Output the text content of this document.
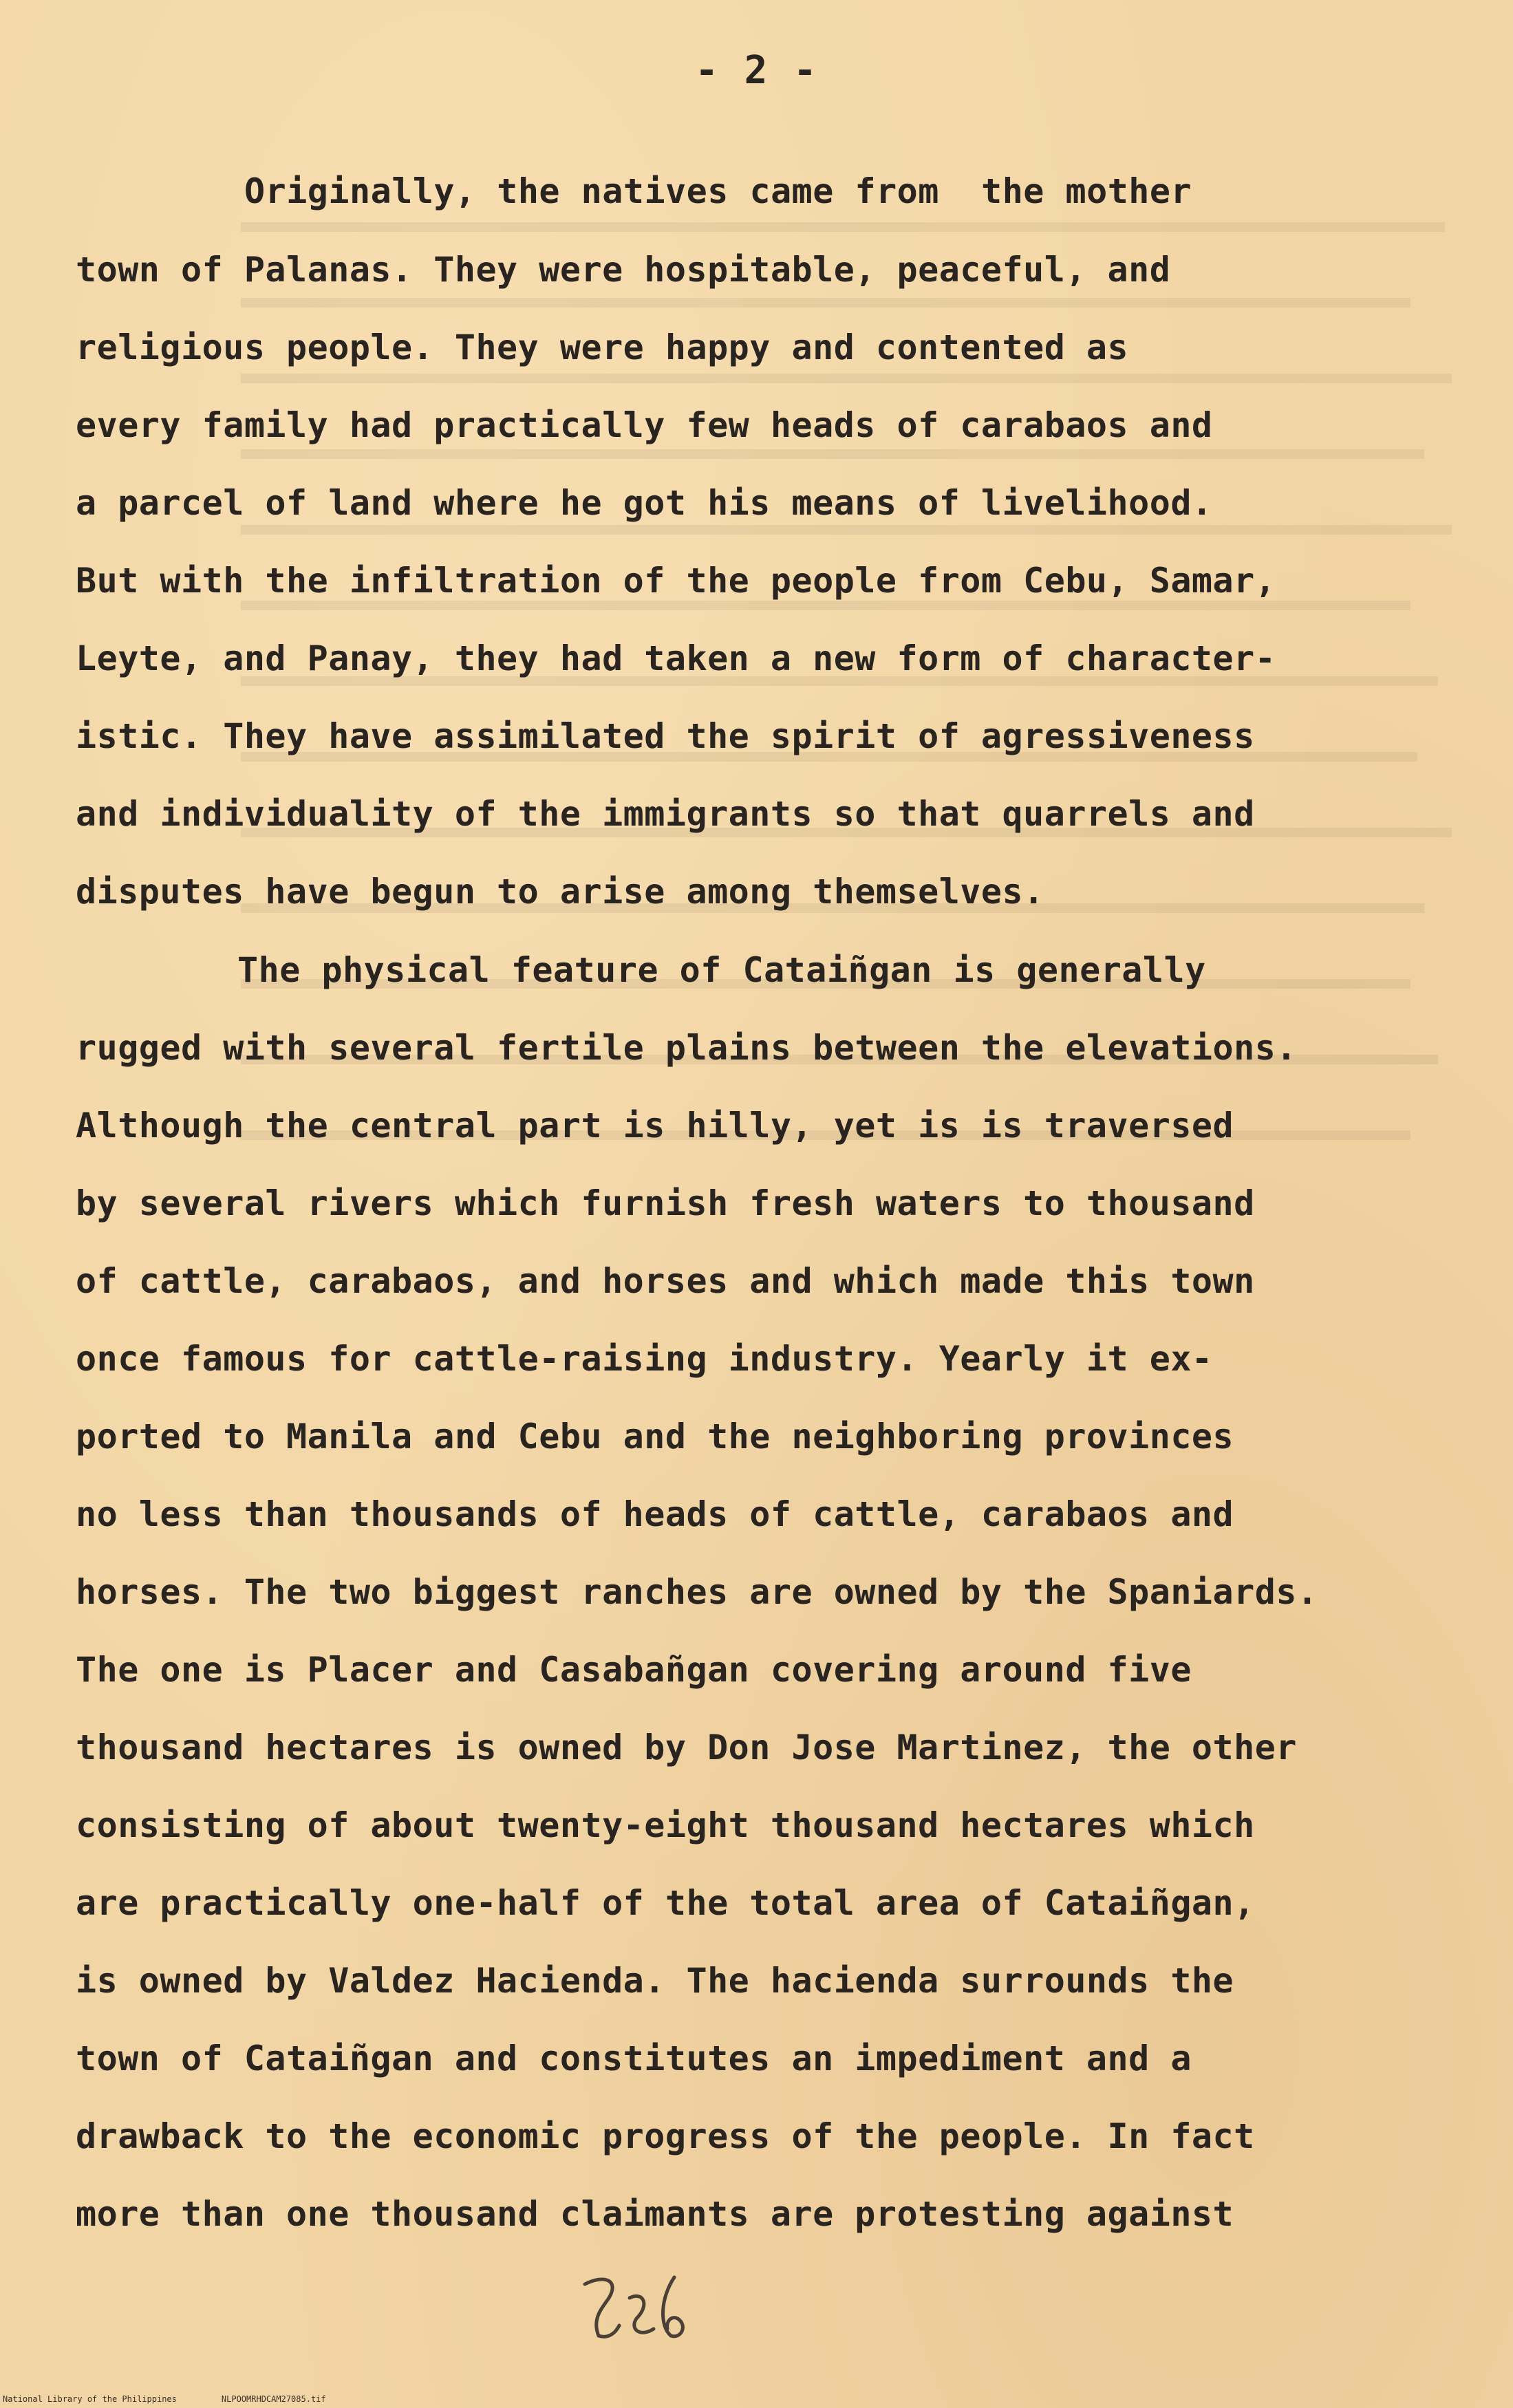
- 2 -
Originally, the natives came from  the mother
town of Palanas. They were hospitable, peaceful, and
religious people. They were happy and contented as
every family had practically few heads of carabaos and
a parcel of land where he got his means of livelihood.
But with the infiltration of the people from Cebu, Samar,
Leyte, and Panay, they had taken a new form of character-
istic. They have assimilated the spirit of agressiveness
and individuality of the immigrants so that quarrels and
disputes have begun to arise among themselves.
The physical feature of Cataiñgan is generally
rugged with several fertile plains between the elevations.
Although the central part is hilly, yet is is traversed
by several rivers which furnish fresh waters to thousand
of cattle, carabaos, and horses and which made this town
once famous for cattle-raising industry. Yearly it ex-
ported to Manila and Cebu and the neighboring provinces
no less than thousands of heads of cattle, carabaos and
horses. The two biggest ranches are owned by the Spaniards.
The one is Placer and Casabañgan covering around five
thousand hectares is owned by Don Jose Martinez, the other
consisting of about twenty-eight thousand hectares which
are practically one-half of the total area of Cataiñgan,
is owned by Valdez Hacienda. The hacienda surrounds the
town of Cataiñgan and constitutes an impediment and a
drawback to the economic progress of the people. In fact
more than one thousand claimants are protesting against
National Library of the Philippines	NLPOOMRHDCAM27085.tif
